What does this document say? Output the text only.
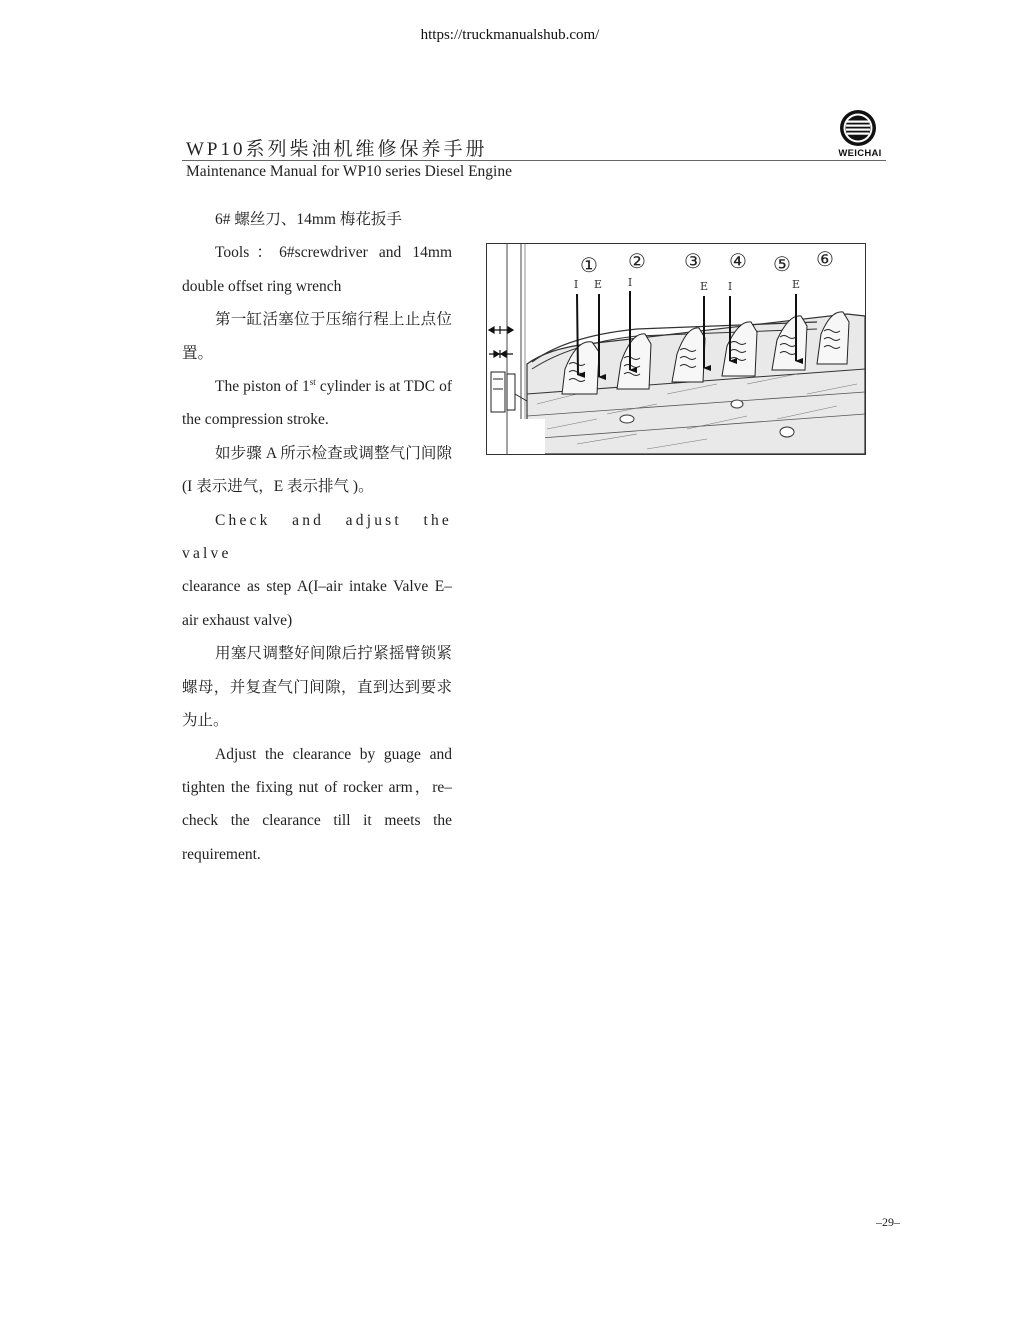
https://truckmanualshub.com/
WP10系列柴油机维修保养手册
Maintenance Manual for WP10 series Diesel Engine
WEICHAI

6# 螺丝刀、14mm 梅花扳手

Tools：6#screwdriver and 14mm double offset ring wrench

第一缸活塞位于压缩行程上止点位置。

The piston of 1st cylinder is at TDC of the compression stroke.

如步骤 A 所示检查或调整气门间隙 (I 表示进气，E 表示排气 )。

Check and adjust the valve

clearance as step A(I–air intake Valve E–air exhaust valve)

用塞尺调整好间隙后拧紧摇臂锁紧螺母，并复查气门间隙，直到达到要求为止。

Adjust the clearance by guage and tighten the fixing nut of rocker arm，re–check the clearance till it meets the requirement.

① ② ③ ④ ⑤ ⑥
I E I	E I	E
–29–
